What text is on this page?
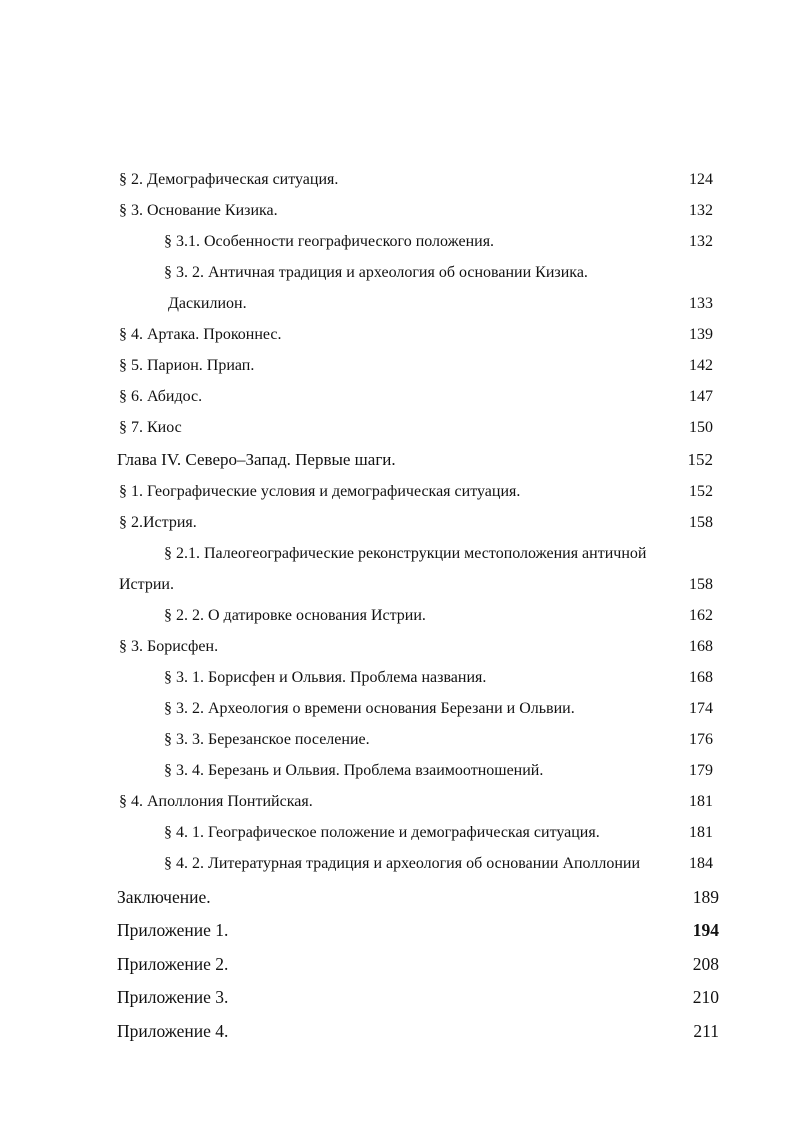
§ 2. Демографическая ситуация.	124
§ 3. Основание Кизика.	132
§ 3.1. Особенности географического положения.	132
§ 3. 2. Античная традиция и археология об основании Кизика.
Даскилион.	133
§ 4. Артака. Проконнес.	139
§ 5. Парион. Приап.	142
§ 6. Абидос.	147
§ 7. Киос	150
Глава IV. Северо–Запад. Первые шаги.	152
§ 1. Географические условия и демографическая ситуация.	152
§ 2.Истрия.	158
§ 2.1. Палеогеографические реконструкции местоположения античной
Истрии.	158
§ 2. 2. О датировке основания Истрии.	162
§ 3. Борисфен.	168
§ 3. 1. Борисфен и Ольвия. Проблема названия.	168
§ 3. 2. Археология о времени основания Березани и Ольвии.	174
§ 3. 3. Березанское поселение.	176
§ 3. 4. Березань и Ольвия. Проблема взаимоотношений.	179
§ 4. Аполлония Понтийская.	181
§ 4. 1. Географическое положение и демографическая ситуация.	181
§ 4. 2. Литературная традиция и археология об основании Аполлонии	184
Заключение.	189
Приложение 1.	194
Приложение 2.	208
Приложение 3.	210
Приложение 4.	211
